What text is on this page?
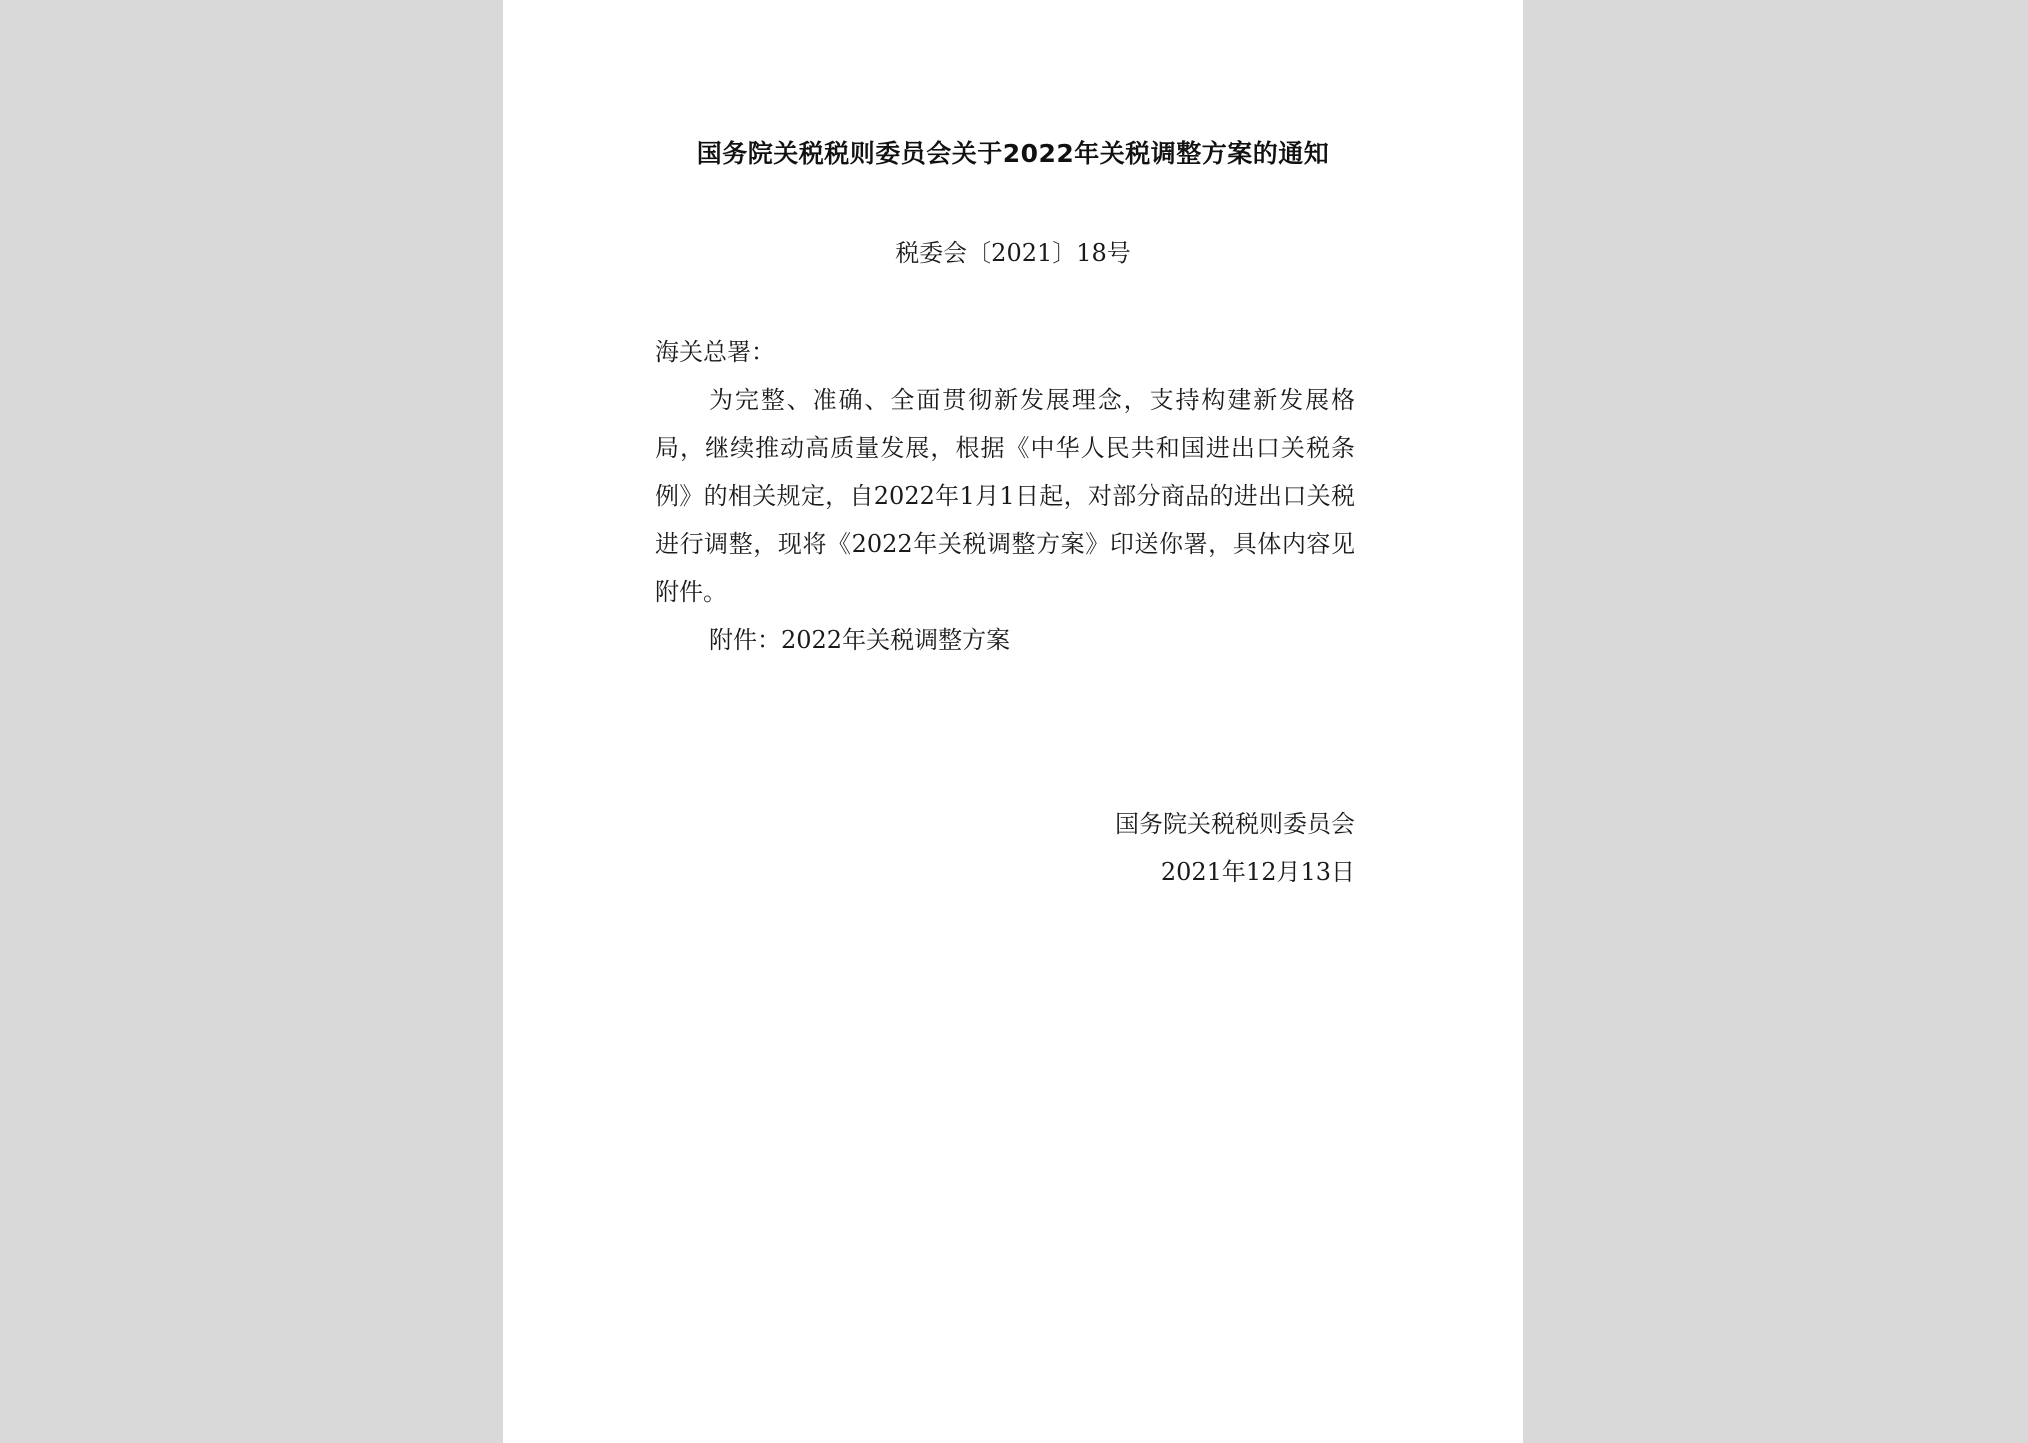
国务院关税税则委员会关于2022年关税调整方案的通知
税委会〔2021〕18号

海关总署：

为完整、准确、全面贯彻新发展理念，支持构建新发展格局，继续推动高质量发展，根据《中华人民共和国进出口关税条例》的相关规定，自2022年1月1日起，对部分商品的进出口关税进行调整，现将《2022年关税调整方案》印送你署，具体内容见附件。

附件：2022年关税调整方案

国务院关税税则委员会
2021年12月13日
